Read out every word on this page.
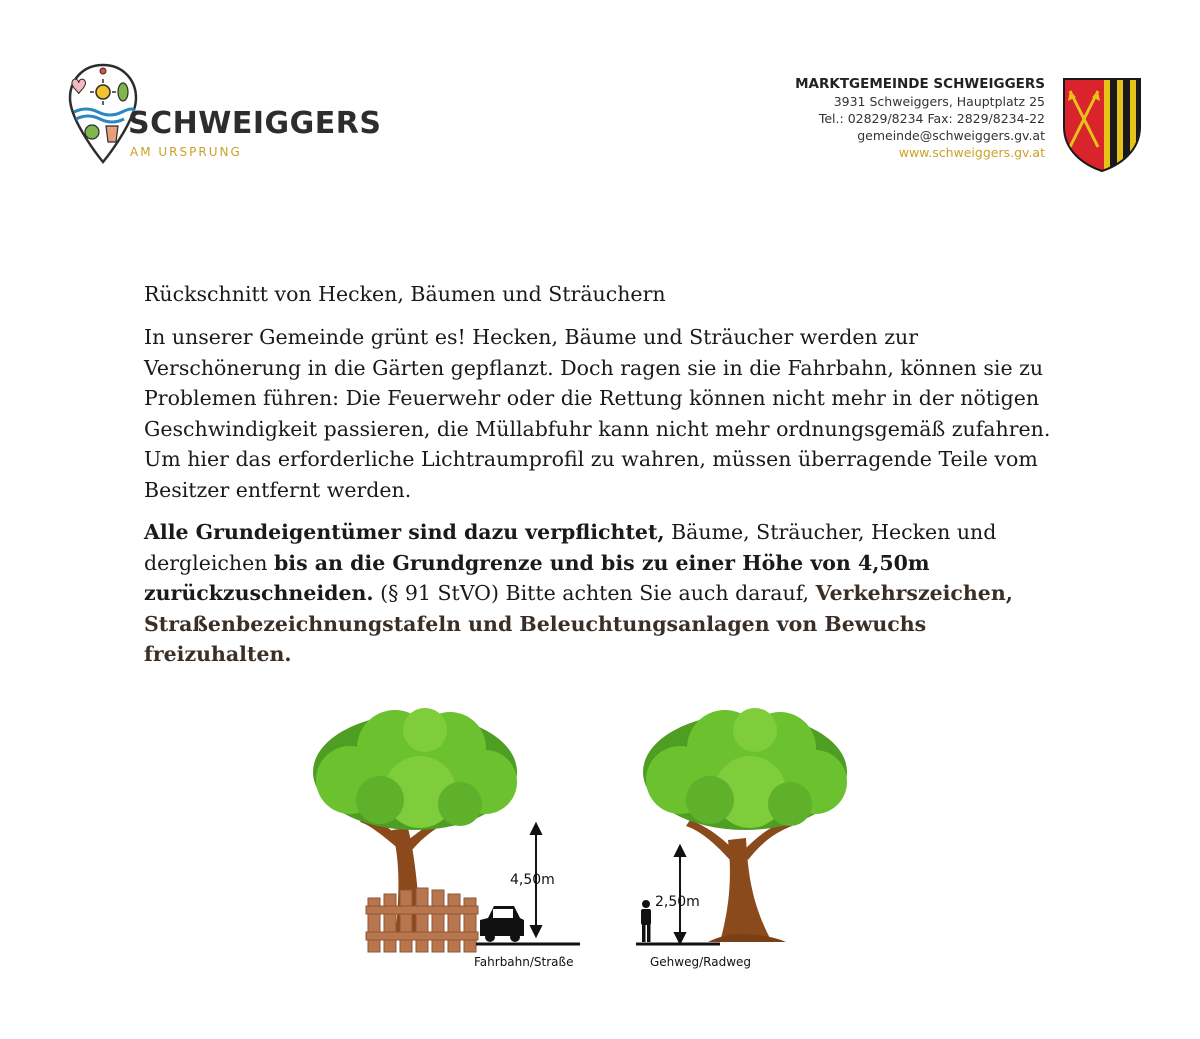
SCHWEIGGERS
AM URSPRUNG
MARKTGEMEINDE SCHWEIGGERS
3931 Schweiggers, Hauptplatz 25
Tel.: 02829/8234 Fax: 2829/8234-22
gemeinde@schweiggers.gv.at
www.schweiggers.gv.at
Rückschnitt von Hecken, Bäumen und Sträuchern

In unserer Gemeinde grünt es! Hecken, Bäume und Sträucher werden zur Verschönerung in die Gärten gepflanzt. Doch ragen sie in die Fahrbahn, können sie zu Problemen führen: Die Feuerwehr oder die Rettung können nicht mehr in der nötigen Geschwindigkeit passieren, die Müllabfuhr kann nicht mehr ordnungsgemäß zufahren. Um hier das erforderliche Lichtraumprofil zu wahren, müssen überragende Teile vom Besitzer entfernt werden.

Alle Grundeigentümer sind dazu verpflichtet, Bäume, Sträucher, Hecken und dergleichen bis an die Grundgrenze und bis zu einer Höhe von 4,50m zurückzuschneiden. (§ 91 StVO) Bitte achten Sie auch darauf, Verkehrszeichen, Straßenbezeichnungstafeln und Beleuchtungsanlagen von Bewuchs freizuhalten.

4,50m
Fahrbahn/Straße
2,50m
Gehweg/Radweg
